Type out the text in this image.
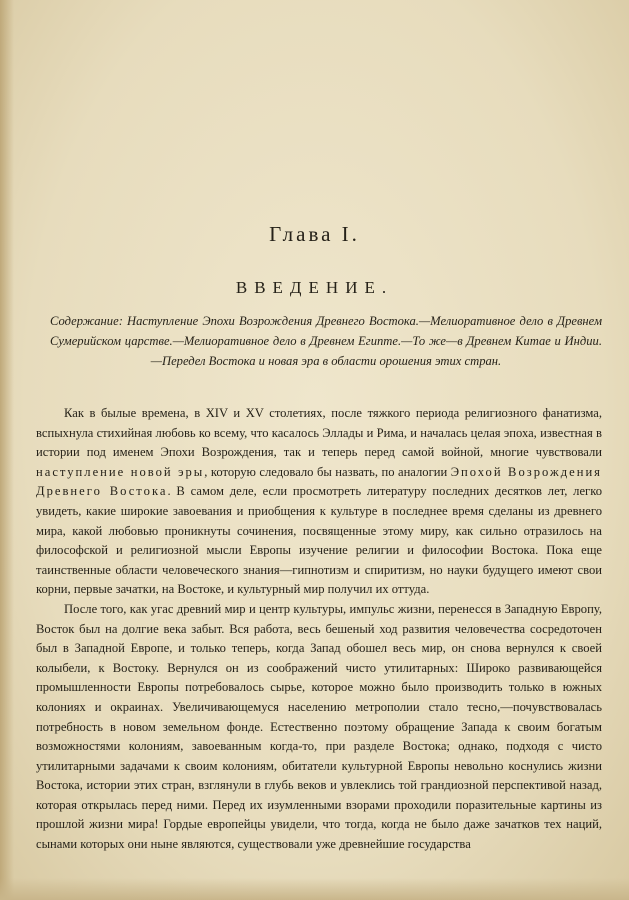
Глава I.
ВВЕДЕНИЕ.

Содержание: Наступление Эпохи Возрождения Древнего Востока.—Мелиоративное дело в Древнем Сумерийском царстве.—Мелиоративное дело в Древнем Египте.—То же—в Древнем Китае и Индии.—Передел Востока и новая эра в области орошения этих стран.

Как в былые времена, в XIV и XV столетиях, после тяжкого периода религиозного фанатизма, вспыхнула стихийная любовь ко всему, что касалось Эллады и Рима, и началась целая эпоха, известная в истории под именем Эпохи Возрождения, так и теперь перед самой войной, многие чувствовали наступление новой эры, которую следовало бы назвать, по аналогии Эпохой Возрождения Древнего Востока. В самом деле, если просмотреть литературу последних десятков лет, легко увидеть, какие широкие завоевания и приобщения к культуре в последнее время сделаны из древнего мира, какой любовью проникнуты сочинения, посвященные этому миру, как сильно отразилось на философской и религиозной мысли Европы изучение религии и философии Востока. Пока еще таинственные области человеческого знания—гипнотизм и спиритизм, но науки будущего имеют свои корни, первые зачатки, на Востоке, и культурный мир получил их оттуда.

После того, как угас древний мир и центр культуры, импульс жизни, перенесся в Западную Европу, Восток был на долгие века забыт. Вся работа, весь бешеный ход развития человечества сосредоточен был в Западной Европе, и только теперь, когда Запад обошел весь мир, он снова вернулся к своей колыбели, к Востоку. Вернулся он из соображений чисто утилитарных: Широко развивающейся промышленности Европы потребовалось сырье, которое можно было производить только в южных колониях и окраинах. Увеличивающемуся населению метрополии стало тесно,—почувствовалась потребность в новом земельном фонде. Естественно поэтому обращение Запада к своим богатым возможностями колониям, завоеванным когда-то, при разделе Востока; однако, подходя с чисто утилитарными задачами к своим колониям, обитатели культурной Европы невольно коснулись жизни Востока, истории этих стран, взглянули в глубь веков и увлеклись той грандиозной перспективой назад, которая открылась перед ними. Перед их изумленными взорами проходили поразительные картины из прошлой жизни мира! Гордые европейцы увидели, что тогда, когда не было даже зачатков тех наций, сынами которых они ныне являются, существовали уже древнейшие государства
